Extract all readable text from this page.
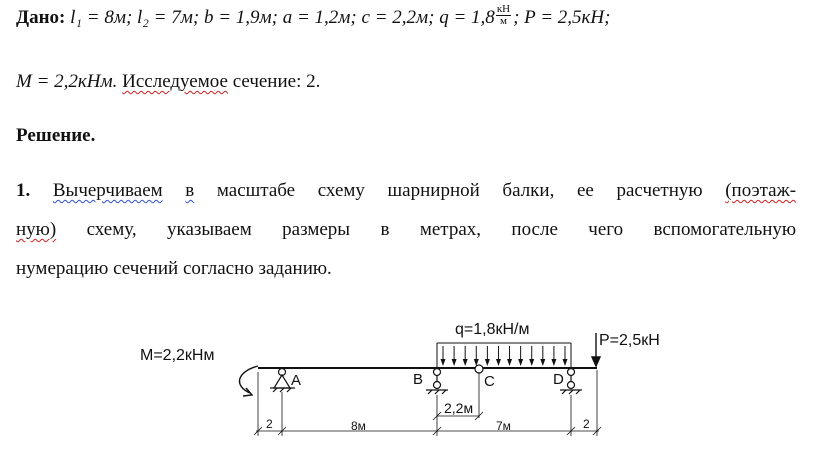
Дано: l₁ = 8м; l₂ = 7м; b = 1,9м; a = 1,2м; c = 2,2м; $q = 1,8 \frac{кН}{м}$ ; P = 2,5кН;
M = 2,2кНм. Исследуемое сечение: 2.
Решение.
1. Вычерчиваем в масштабе схему шарнирной балки, ее расчетную (поэтаж-
ную) схему, указываем размеры в метрах, после чего вспомогательную
нумерацию сечений согласно заданию.
M=2,2кНм
q=1,8кН/м
P=2,5кН
A	B	C	D
2	8м
2,2м
7м	2
